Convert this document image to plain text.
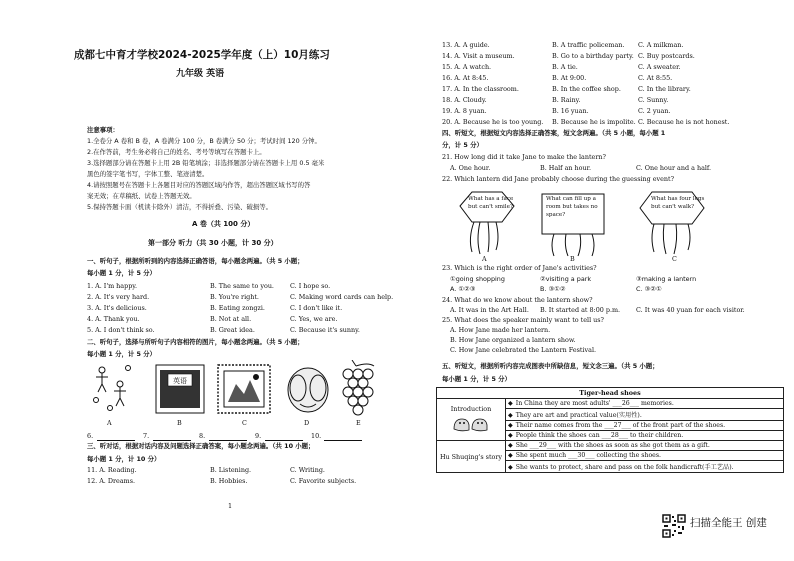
成都七中育才学校2024-2025学年度（上）10月练习
九年级 英语
注意事项：
1.全卷分 A 卷和 B 卷，A 卷满分 100 分，B 卷满分 50 分；考试时间 120 分钟。
2.在作答前，考生务必将自己的姓名、考号等填写在答题卡上。
3.选择题部分请在答题卡上用 2B 铅笔填涂；非选择题部分请在答题卡上用 0.5 毫米
黑色的签字笔书写，字体工整、笔迹清楚。
4.请按照题号在答题卡上各题目对应的答题区域内作答，超出答题区域书写的答
案无效；在草稿纸、试卷上答题无效。
5.保持答题卡面（机读卡除外）清洁，不得折叠、污染、破损等。
A 卷（共 100 分）
第一部分 听力（共 30 小题，计 30 分）
一、听句子，根据所听到的内容选择正确答语，每小题念两遍。（共 5 小题；
每小题 1 分，计 5 分）
1. A. I'm happy.	B. The same to you.	C. I hope so.
2. A. It's very hard.	B. You're right.	C. Making word cards can help.
3. A. It's delicious.	B. Eating zongzi.	C. I don't like it.
4. A. Thank you.	B. Not at all.	C. Yes, we are.
5. A. I don't think so.	B. Great idea.	C. Because it's sunny.
二、听句子，选择与所听句子内容相符的图片，每小题念两遍。（共 5 小题；
每小题 1 分，计 5 分）
英语
A	B	C	D	E
6.	7.	8.	9.	10.
三、听对话，根据对话内容及问题选择正确答案，每小题念两遍。（共 10 小题；
每小题 1 分，计 10 分）
11. A. Reading.	B. Listening.	C. Writing.
12. A. Dreams.	B. Hobbies.	C. Favorite subjects.
1
13. A. A guide.	B. A traffic policeman. C. A milkman.
14. A. Visit a museum.	B. Go to a birthday party. C. Buy postcards.
15. A. A watch.	B. A tie.	C. A sweater.
16. A. At 8:45.	B. At 9:00.	C. At 8:55.
17. A. In the classroom.	B. In the coffee shop.	C. In the library.
18. A. Cloudy.	B. Rainy.	C. Sunny.
19. A. 8 yuan.	B. 16 yuan.	C. 2 yuan.
20. A. Because he is too young. B. Because he is impolite. C. Because he is not honest.
四、听短文，根据短文内容选择正确答案，短文念两遍。（共 5 小题，每小题 1
分，计 5 分）
21. How long did it take Jane to make the lantern?
A. One hour.	B. Half an hour.	C. One hour and a half.
22. Which lantern did Jane probably choose during the guessing event?
What has a face
but can't smile?
What can fill up a
room but takes no
space?
What has four legs
but can't walk?
A	B	C
23. Which is the right order of Jane's activities?
①going shopping	②visiting a park	③making a lantern
A. ①②③	B. ③①②	C. ③②①
24. What do we know about the lantern show?
A. It was in the Art Hall. B. It started at 8:00 p.m. C. It was 40 yuan for each visitor.
25. What does the speaker mainly want to tell us?
A. How Jane made her lantern.
B. How Jane organized a lantern show.
C. How Jane celebrated the Lantern Festival.
五、听短文，根据所听内容完成图表中所缺信息，短文念三遍。（共 5 小题；
每小题 1 分，计 5 分）
Tiger-head shoes	

Introduction	◆ In China they are most adults' ___26___ memories.
	◆ They are art and practical value(实用性).
	◆ Their name comes from the ___27___ of the front part of the shoes.
	◆ People think the shoes can ___28___ to their children.
Hu Shuqing's story	◆ She ___29___ with the shoes as soon as she got them as a gift.
	◆ She spent much ___30___ collecting the shoes.
	◆ She wants to protect, share and pass on the folk handicraft(手工艺品).
扫描全能王 创建
